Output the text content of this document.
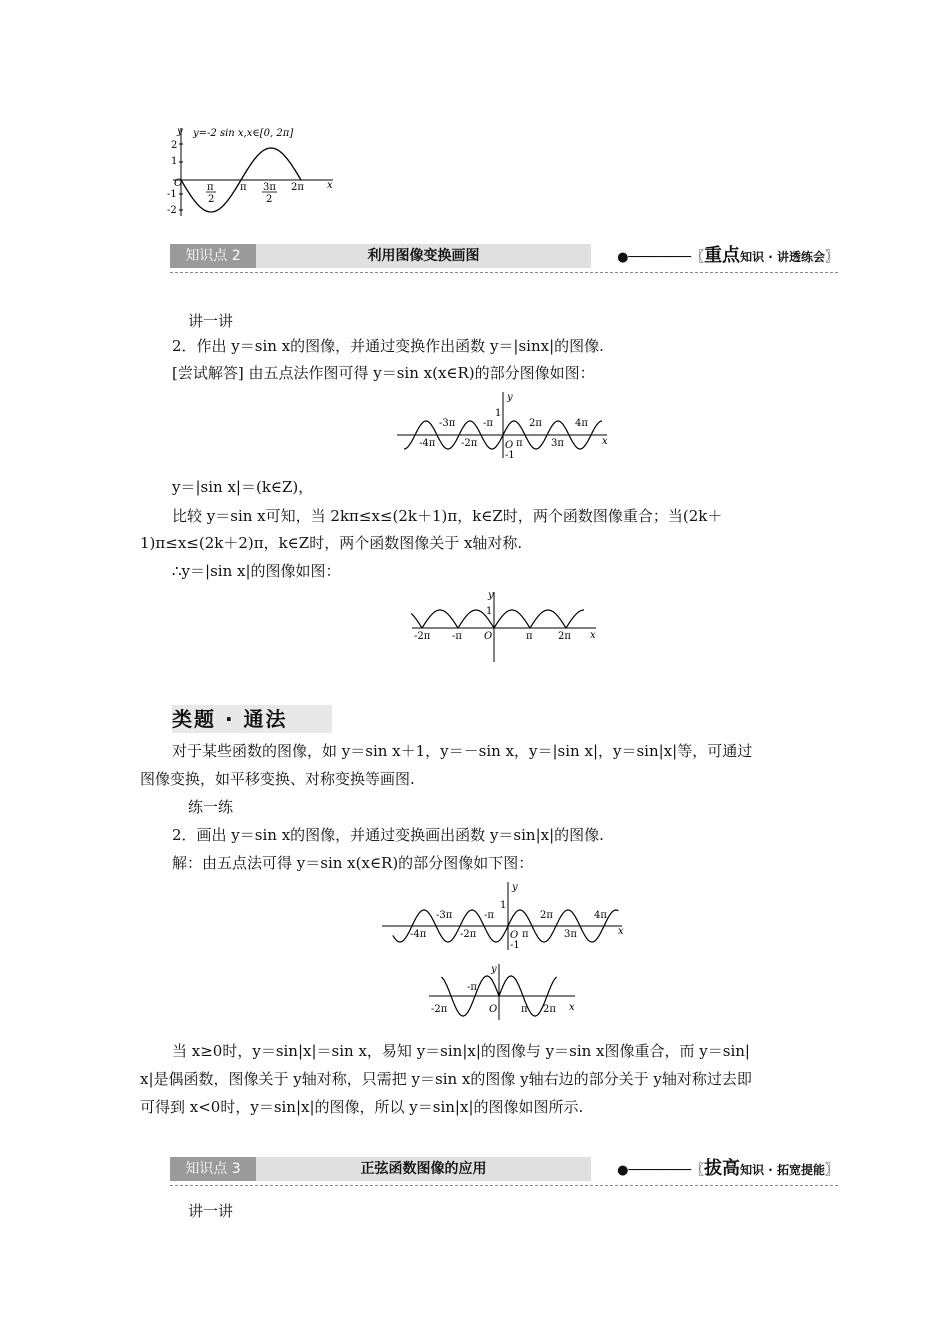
y
x
y=-2 sin x,x∈[0, 2π]
O
2
1
-1
-2
π
2
π 3π
2
2π
知识点 2	利用图像变换画图	●────────〖重点知识 · 讲透练会〗
讲一讲
2．作出 y＝sin x的图像，并通过变换作出函数 y＝|sinx|的图像.
[尝试解答] 由五点法作图可得 y＝sin x(x∈R)的部分图像如图：
y
x
1
O
-1
-4π
-3π
-2π
-π
π
2π
3π
4π
y＝|sin x|＝(k∈Z)，
比较 y＝sin x可知，当 2kπ≤x≤(2k＋1)π，k∈Z时，两个函数图像重合；当(2k＋
1)π≤x≤(2k＋2)π，k∈Z时，两个函数图像关于 x轴对称.
∴y＝|sin x|的图像如图：
y
x
1
O
-2π -π	π	2π
类题 · 通法
对于某些函数的图像，如 y＝sin x＋1，y＝－sin x，y＝|sin x|，y＝sin|x|等，可通过
图像变换，如平移变换、对称变换等画图.
练一练
2．画出 y＝sin x的图像，并通过变换画出函数 y＝sin|x|的图像.
解：由五点法可得 y＝sin x(x∈R)的部分图像如下图：
y
x
1
O
-1
-4π
-3π
-2π
-π
π
2π
3π
4π
y
x
O
-2π
-π
π 2π
当 x≥0时，y＝sin|x|＝sin x，易知 y＝sin|x|的图像与 y＝sin x图像重合，而 y＝sin|
x|是偶函数，图像关于 y轴对称，只需把 y＝sin x的图像 y轴右边的部分关于 y轴对称过去即
可得到 x<0时，y＝sin|x|的图像，所以 y＝sin|x|的图像如图所示.
知识点 3	正弦函数图像的应用	●────────〖拔高知识 · 拓宽提能〗
讲一讲
